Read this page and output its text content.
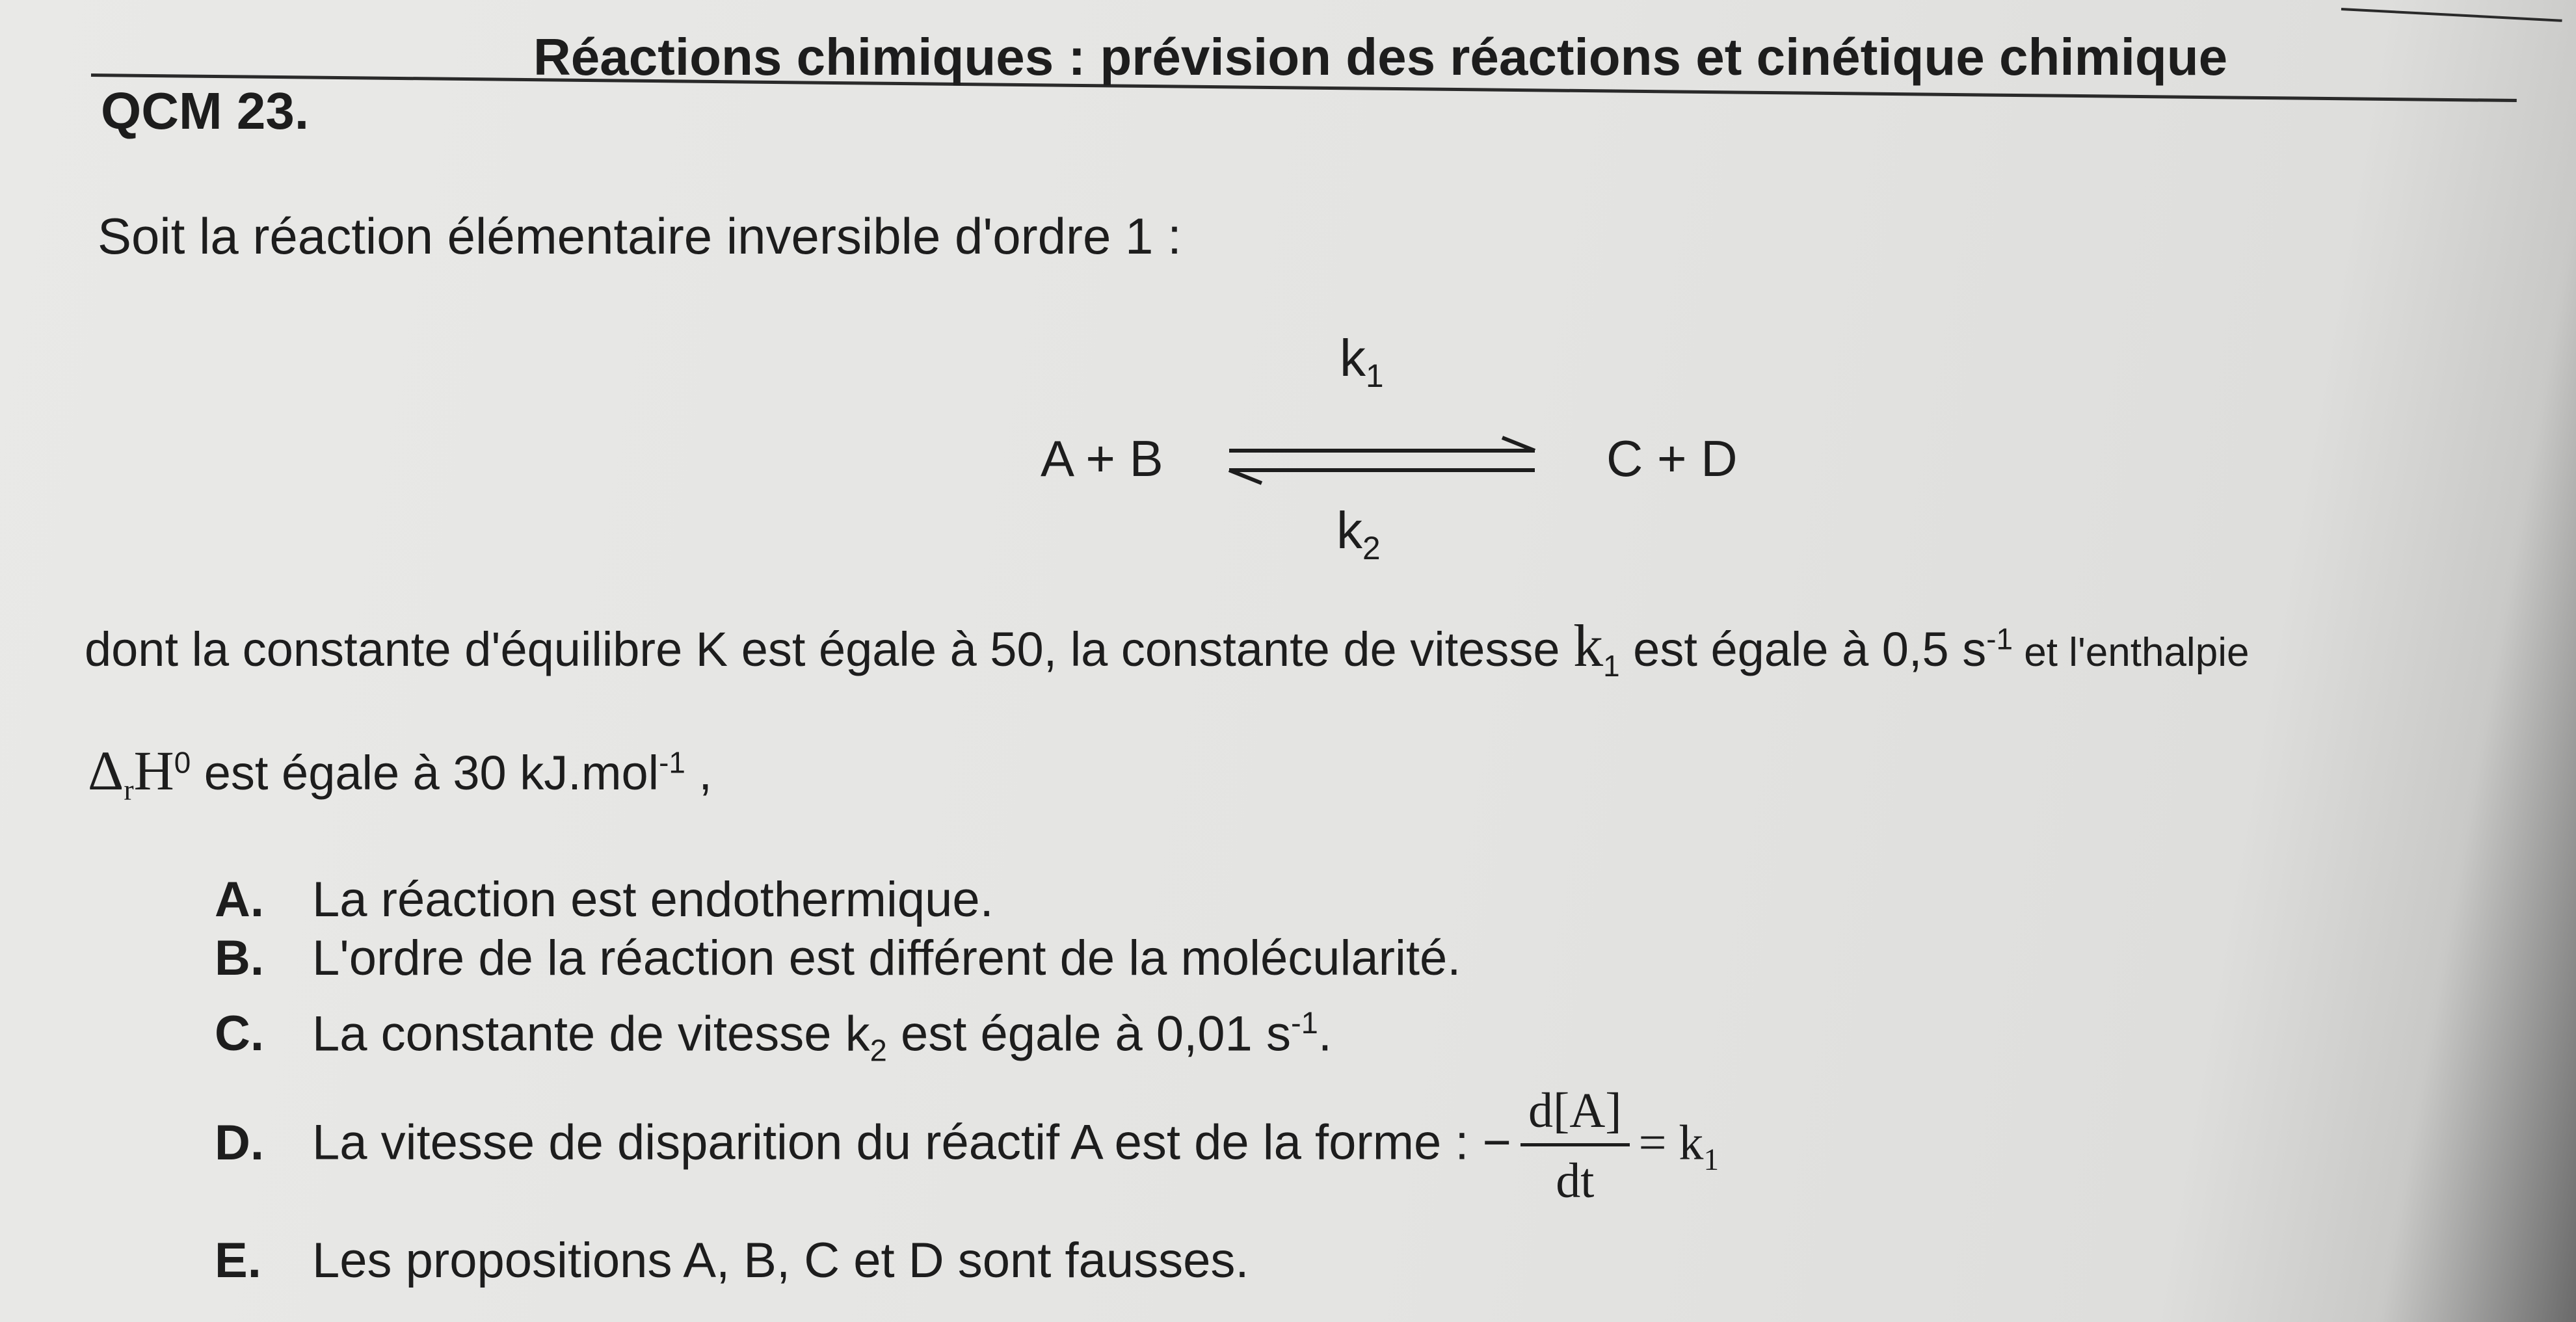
Réactions chimiques : prévision des réactions et cinétique chimique
QCM 23.
Soit la réaction élémentaire inversible d'ordre 1 :
A + B
$k_1$
C + D
$k_2$
dont la constante d'équilibre K est égale à 50, la constante de vitesse $k_1$ est égale à 0,5 $s^{-1}$ et l'enthalpie
$\Delta_rH^0$ est égale à 30 kJ.mol$^{-1}$ ,
A. La réaction est endothermique.
B. L'ordre de la réaction est différent de la molécularité.
C. La constante de vitesse $k_2$ est égale à 0,01 $s^{-1}$.
D. La vitesse de disparition du réactif A est de la forme : − $\frac{d[A]}{dt} = k_1$
E. Les propositions A, B, C et D sont fausses.
